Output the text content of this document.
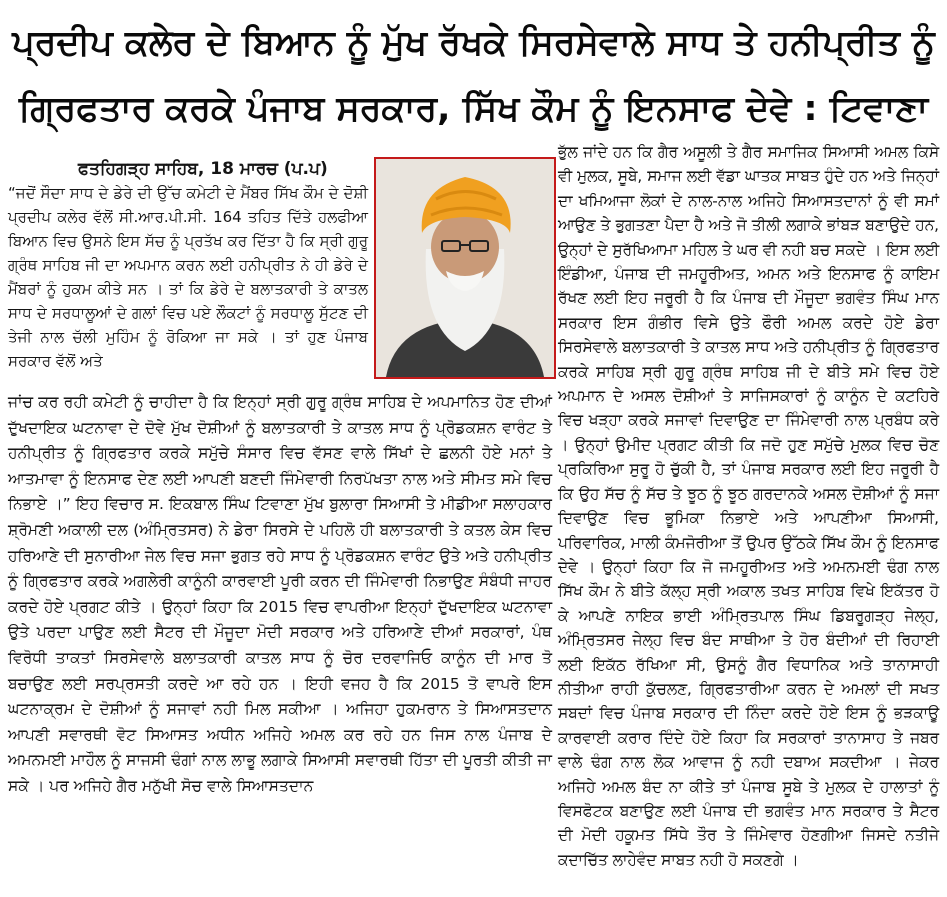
ਪ੍ਰਦੀਪ ਕਲੇਰ ਦੇ ਬਿਆਨ ਨੂੰ ਮੁੱਖ ਰੱਖਕੇ ਸਿਰਸੇਵਾਲੇ ਸਾਧ ਤੇ ਹਨੀਪ੍ਰੀਤ ਨੂੰ
ਗ੍ਰਿਫਤਾਰ ਕਰਕੇ ਪੰਜਾਬ ਸਰਕਾਰ, ਸਿੱਖ ਕੌਮ ਨੂੰ ਇਨਸਾਫ ਦੇਵੇ : ਟਿਵਾਣਾ
ਫਤਹਿਗੜ੍ਹ ਸਾਹਿਬ, 18 ਮਾਰਚ (ਪ.ਪ)

“ਜਦੋਂ ਸੌਦਾ ਸਾਧ ਦੇ ਡੇਰੇ ਦੀ ਉੱਚ ਕਮੇਟੀ ਦੇ ਮੈਂਬਰ ਸਿੱਖ ਕੌਮ ਦੇ ਦੋਸ਼ੀ ਪ੍ਰਦੀਪ ਕਲੇਰ ਵੱਲੋਂ ਸੀ.ਆਰ.ਪੀ.ਸੀ. 164 ਤਹਿਤ ਦਿੱਤੇ ਹਲਫੀਆ ਬਿਆਨ ਵਿਚ ਉਸਨੇ ਇਸ ਸੱਚ ਨੂੰ ਪ੍ਰਤੱਖ ਕਰ ਦਿੱਤਾ ਹੈ ਕਿ ਸ੍ਰੀ ਗੁਰੂ ਗ੍ਰੰਥ ਸਾਹਿਬ ਜੀ ਦਾ ਅਪਮਾਨ ਕਰਨ ਲਈ ਹਨੀਪ੍ਰੀਤ ਨੇ ਹੀ ਡੇਰੇ ਦੇ ਮੈਂਬਰਾਂ ਨੂੰ ਹੁਕਮ ਕੀਤੇ ਸਨ । ਤਾਂ ਕਿ ਡੇਰੇ ਦੇ ਬਲਾਤਕਾਰੀ ਤੇ ਕਾਤਲ ਸਾਧ ਦੇ ਸਰਧਾਲੂਆਂ ਦੇ ਗਲਾਂ ਵਿਚ ਪਏ ਲੌਕਟਾਂ ਨੂੰ ਸਰਧਾਲੂ ਸੁੱਟਣ ਦੀ ਤੇਜੀ ਨਾਲ ਚੱਲੀ ਮੁਹਿੰਮ ਨੂੰ ਰੋਕਿਆ ਜਾ ਸਕੇ । ਤਾਂ ਹੁਣ ਪੰਜਾਬ ਸਰਕਾਰ ਵੱਲੋਂ ਅਤੇ

ਜਾਂਚ ਕਰ ਰਹੀ ਕਮੇਟੀ ਨੂੰ ਚਾਹੀਦਾ ਹੈ ਕਿ ਇਨ੍ਹਾਂ ਸ੍ਰੀ ਗੁਰੂ ਗ੍ਰੰਥ ਸਾਹਿਬ ਦੇ ਅਪਮਾਨਿਤ ਹੋਣ ਦੀਆਂ ਦੁੱਖਦਾਇਕ ਘਟਨਾਵਾ ਦੇ ਦੋਵੇ ਮੁੱਖ ਦੋਸ਼ੀਆਂ ਨੂੰ ਬਲਾਤਕਾਰੀ ਤੇ ਕਾਤਲ ਸਾਧ ਨੂੰ ਪ੍ਰੋਡਕਸ਼ਨ ਵਾਰੰਟ ਤੇ ਹਨੀਪ੍ਰੀਤ ਨੂੰ ਗ੍ਰਿਫਤਾਰ ਕਰਕੇ ਸਮੁੱਚੇ ਸੰਸਾਰ ਵਿਚ ਵੱਸਣ ਵਾਲੇ ਸਿੱਖਾਂ ਦੇ ਛਲਨੀ ਹੋਏ ਮਨਾਂ ਤੇ ਆਤਮਾਵਾ ਨੂੰ ਇਨਸਾਫ ਦੇਣ ਲਈ ਆਪਣੀ ਬਣਦੀ ਜਿੰਮੇਵਾਰੀ ਨਿਰਪੱਖਤਾ ਨਾਲ ਅਤੇ ਸੀਮਤ ਸਮੇ ਵਿਚ ਨਿਭਾਏ ।” ਇਹ ਵਿਚਾਰ ਸ. ਇਕਬਾਲ ਸਿੰਘ ਟਿਵਾਣਾ ਮੁੱਖ ਬੁਲਾਰਾ ਸਿਆਸੀ ਤੇ ਮੀਡੀਆ ਸਲਾਹਕਾਰ ਸ਼੍ਰੋਮਣੀ ਅਕਾਲੀ ਦਲ (ਅੰਮ੍ਰਿਤਸਰ) ਨੇ ਡੇਰਾ ਸਿਰਸੇ ਦੇ ਪਹਿਲੋ ਹੀ ਬਲਾਤਕਾਰੀ ਤੇ ਕਤਲ ਕੇਸ ਵਿਚ ਹਰਿਆਣੇ ਦੀ ਸੁਨਾਰੀਆ ਜੇਲ ਵਿਚ ਸਜਾ ਭੁਗਤ ਰਹੇ ਸਾਧ ਨੂੰ ਪ੍ਰੋਡਕਸ਼ਨ ਵਾਰੰਟ ਉਤੇ ਅਤੇ ਹਨੀਪ੍ਰੀਤ ਨੂੰ ਗ੍ਰਿਫਤਾਰ ਕਰਕੇ ਅਗਲੇਰੀ ਕਾਨੂੰਨੀ ਕਾਰਵਾਈ ਪੂਰੀ ਕਰਨ ਦੀ ਜਿੰਮੇਵਾਰੀ ਨਿਭਾਉਣ ਸੰਬੰਧੀ ਜਾਹਰ ਕਰਦੇ ਹੋਏ ਪ੍ਰਗਟ ਕੀਤੇ । ਉਨ੍ਹਾਂ ਕਿਹਾ ਕਿ 2015 ਵਿਚ ਵਾਪਰੀਆ ਇਨ੍ਹਾਂ ਦੁੱਖਦਾਇਕ ਘਟਨਾਵਾ ਉਤੇ ਪਰਦਾ ਪਾਉਣ ਲਈ ਸੈਟਰ ਦੀ ਮੌਜੂਦਾ ਮੋਦੀ ਸਰਕਾਰ ਅਤੇ ਹਰਿਆਣੇ ਦੀਆਂ ਸਰਕਾਰਾਂ, ਪੰਥ ਵਿਰੋਧੀ ਤਾਕਤਾਂ ਸਿਰਸੇਵਾਲੇ ਬਲਾਤਕਾਰੀ ਕਾਤਲ ਸਾਧ ਨੂੰ ਚੋਰ ਦਰਵਾਜਿਓ ਕਾਨੂੰਨ ਦੀ ਮਾਰ ਤੋ ਬਚਾਉਣ ਲਈ ਸਰਪ੍ਰਸਤੀ ਕਰਦੇ ਆ ਰਹੇ ਹਨ । ਇਹੀ ਵਜਹ ਹੈ ਕਿ 2015 ਤੋ ਵਾਪਰੇ ਇਸ ਘਟਨਾਕ੍ਰਮ ਦੇ ਦੋਸ਼ੀਆਂ ਨੂੰ ਸਜਾਵਾਂ ਨਹੀ ਮਿਲ ਸਕੀਆ । ਅਜਿਹਾ ਹੁਕਮਰਾਨ ਤੇ ਸਿਆਸਤਦਾਨ ਆਪਣੀ ਸਵਾਰਥੀ ਵੋਟ ਸਿਆਸਤ ਅਧੀਨ ਅਜਿਹੇ ਅਮਲ ਕਰ ਰਹੇ ਹਨ ਜਿਸ ਨਾਲ ਪੰਜਾਬ ਦੇ ਅਮਨਮਈ ਮਾਹੌਲ ਨੂੰ ਸਾਜਸੀ ਢੰਗਾਂ ਨਾਲ ਲਾਭੂ ਲਗਾਕੇ ਸਿਆਸੀ ਸਵਾਰਥੀ ਹਿੱਤਾ ਦੀ ਪੂਰਤੀ ਕੀਤੀ ਜਾ ਸਕੇ । ਪਰ ਅਜਿਹੇ ਗੈਰ ਮਨੁੱਖੀ ਸੋਚ ਵਾਲੇ ਸਿਆਸਤਦਾਨ

ਭੁੱਲ ਜਾਂਦੇ ਹਨ ਕਿ ਗੈਰ ਅਸੂਲੀ ਤੇ ਗੈਰ ਸਮਾਜਿਕ ਸਿਆਸੀ ਅਮਲ ਕਿਸੇ ਵੀ ਮੁਲਕ, ਸੂਬੇ, ਸਮਾਜ ਲਈ ਵੱਡਾ ਘਾਤਕ ਸਾਬਤ ਹੁੰਦੇ ਹਨ ਅਤੇ ਜਿਨ੍ਹਾਂ ਦਾ ਖਮਿਆਜਾ ਲੋਕਾਂ ਦੇ ਨਾਲ-ਨਾਲ ਅਜਿਹੇ ਸਿਆਸਤਦਾਨਾਂ ਨੂੰ ਵੀ ਸਮਾਂ ਆਉਣ ਤੇ ਭੁਗਤਣਾ ਪੈਦਾ ਹੈ ਅਤੇ ਜੋ ਤੀਲੀ ਲਗਾਕੇ ਭਾਂਬੜ ਬਣਾਉਦੇ ਹਨ, ਉਨ੍ਹਾਂ ਦੇ ਸੁਰੱਖਿਆਮਾ ਮਹਿਲ ਤੇ ਘਰ ਵੀ ਨਹੀ ਬਚ ਸਕਦੇ । ਇਸ ਲਈ ਇੰਡੀਆ, ਪੰਜਾਬ ਦੀ ਜਮਹੂਰੀਅਤ, ਅਮਨ ਅਤੇ ਇਨਸਾਫ ਨੂੰ ਕਾਇਮ ਰੱਖਣ ਲਈ ਇਹ ਜਰੂਰੀ ਹੈ ਕਿ ਪੰਜਾਬ ਦੀ ਮੌਜੂਦਾ ਭਗਵੰਤ ਸਿੰਘ ਮਾਨ ਸਰਕਾਰ ਇਸ ਗੰਭੀਰ ਵਿਸੇ ਉਤੇ ਫੌਰੀ ਅਮਲ ਕਰਦੇ ਹੋਏ ਡੇਰਾ ਸਿਰਸੇਵਾਲੇ ਬਲਾਤਕਾਰੀ ਤੇ ਕਾਤਲ ਸਾਧ ਅਤੇ ਹਨੀਪ੍ਰੀਤ ਨੂੰ ਗ੍ਰਿਫਤਾਰ ਕਰਕੇ ਸਾਹਿਬ ਸ੍ਰੀ ਗੁਰੂ ਗ੍ਰੰਥ ਸਾਹਿਬ ਜੀ ਦੇ ਬੀਤੇ ਸਮੇ ਵਿਚ ਹੋਏ ਅਪਮਾਨ ਦੇ ਅਸਲ ਦੋਸ਼ੀਆਂ ਤੇ ਸਾਜਿਸਕਾਰਾਂ ਨੂੰ ਕਾਨੂੰਨ ਦੇ ਕਟਹਿਰੇ ਵਿਚ ਖੜ੍ਹਾ ਕਰਕੇ ਸਜਾਵਾਂ ਦਿਵਾਉਣ ਦਾ ਜਿੰਮੇਵਾਰੀ ਨਾਲ ਪ੍ਰਬੰਧ ਕਰੇ । ਉਨ੍ਹਾਂ ਉਮੀਦ ਪ੍ਰਗਟ ਕੀਤੀ ਕਿ ਜਦੋ ਹੁਣ ਸਮੁੱਚੇ ਮੁਲਕ ਵਿਚ ਚੋਣ ਪ੍ਰਕਿਰਿਆ ਸੁਰੂ ਹੋ ਚੁੱਕੀ ਹੈ, ਤਾਂ ਪੰਜਾਬ ਸਰਕਾਰ ਲਈ ਇਹ ਜਰੂਰੀ ਹੈ ਕਿ ਉਹ ਸੱਚ ਨੂੰ ਸੱਚ ਤੇ ਝੂਠ ਨੂੰ ਝੂਠ ਗਰਦਾਨਕੇ ਅਸਲ ਦੋਸ਼ੀਆਂ ਨੂੰ ਸਜਾ ਦਿਵਾਉਣ ਵਿਚ ਭੂਮਿਕਾ ਨਿਭਾਏ ਅਤੇ ਆਪਣੀਆ ਸਿਆਸੀ, ਪਰਿਵਾਰਿਕ, ਮਾਲੀ ਕੰਮਜੋਰੀਆ ਤੋਂ ਉਪਰ ਉੱਠਕੇ ਸਿੱਖ ਕੌਮ ਨੂੰ ਇਨਸਾਫ ਦੇਵੇ । ਉਨ੍ਹਾਂ ਕਿਹਾ ਕਿ ਜੋ ਜਮਹੂਰੀਅਤ ਅਤੇ ਅਮਨਮਈ ਢੰਗ ਨਾਲ ਸਿੱਖ ਕੌਮ ਨੇ ਬੀਤੇ ਕੱਲ੍ਹ ਸ੍ਰੀ ਅਕਾਲ ਤਖਤ ਸਾਹਿਬ ਵਿਖੇ ਇਕੱਤਰ ਹੋ ਕੇ ਆਪਣੇ ਨਾਇਕ ਭਾਈ ਅੰਮ੍ਰਿਤਪਾਲ ਸਿੰਘ ਡਿਬਰੂਗੜ੍ਹ ਜੇਲ੍ਹ, ਅੰਮ੍ਰਿਤਸਰ ਜੇਲ੍ਹ ਵਿਚ ਬੰਦ ਸਾਥੀਆ ਤੇ ਹੋਰ ਬੰਦੀਆਂ ਦੀ ਰਿਹਾਈ ਲਈ ਇਕੱਠ ਰੱਖਿਆ ਸੀ, ਉਸਨੂੰ ਗੈਰ ਵਿਧਾਨਿਕ ਅਤੇ ਤਾਨਾਸਾਹੀ ਨੀਤੀਆ ਰਾਹੀ ਕੁੱਚਲਣ, ਗ੍ਰਿਫਤਾਰੀਆ ਕਰਨ ਦੇ ਅਮਲਾਂ ਦੀ ਸਖਤ ਸਬਦਾਂ ਵਿਚ ਪੰਜਾਬ ਸਰਕਾਰ ਦੀ ਨਿੰਦਾ ਕਰਦੇ ਹੋਏ ਇਸ ਨੂੰ ਭੜਕਾਊ ਕਾਰਵਾਈ ਕਰਾਰ ਦਿੰਦੇ ਹੋਏ ਕਿਹਾ ਕਿ ਸਰਕਾਰਾਂ ਤਾਨਾਸਾਹ ਤੇ ਜਬਰ ਵਾਲੇ ਢੰਗ ਨਾਲ ਲੋਕ ਆਵਾਜ ਨੂੰ ਨਹੀ ਦਬਾਅ ਸਕਦੀਆ । ਜੇਕਰ ਅਜਿਹੇ ਅਮਲ ਬੰਦ ਨਾ ਕੀਤੇ ਤਾਂ ਪੰਜਾਬ ਸੂਬੇ ਤੇ ਮੁਲਕ ਦੇ ਹਾਲਾਤਾਂ ਨੂੰ ਵਿਸਫੋਟਕ ਬਣਾਉਣ ਲਈ ਪੰਜਾਬ ਦੀ ਭਗਵੰਤ ਮਾਨ ਸਰਕਾਰ ਤੇ ਸੈਟਰ ਦੀ ਮੋਦੀ ਹਕੂਮਤ ਸਿੱਧੇ ਤੌਰ ਤੇ ਜਿੰਮੇਵਾਰ ਹੋਣਗੀਆ ਜਿਸਦੇ ਨਤੀਜੇ ਕਦਾਚਿੱਤ ਲਾਹੇਵੰਦ ਸਾਬਤ ਨਹੀ ਹੋ ਸਕਣਗੇ ।
